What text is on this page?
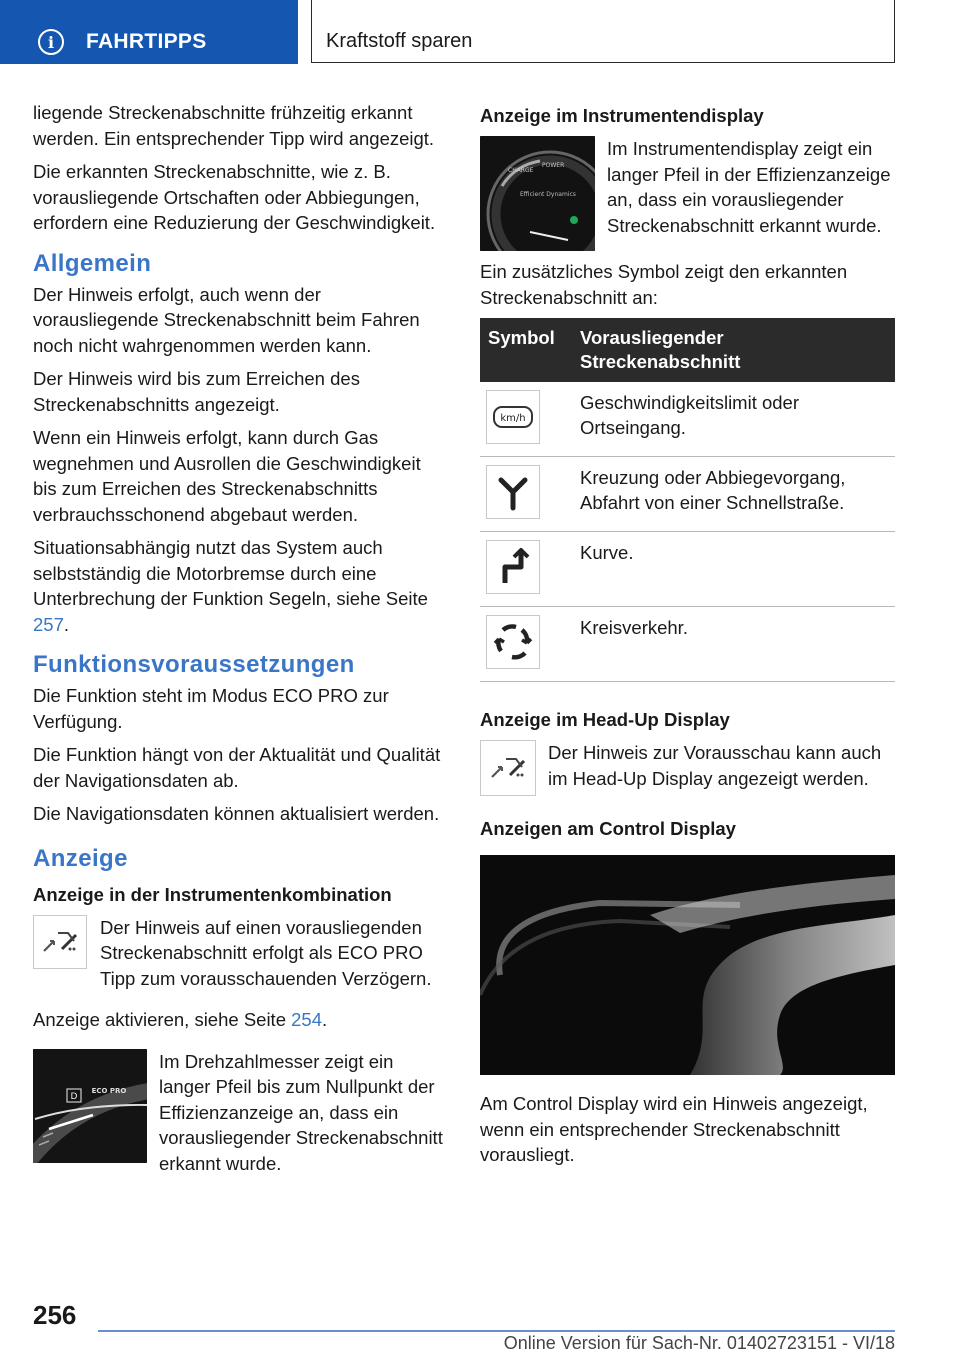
i	FAHRTIPPS	Kraftstoff sparen

liegende Streckenabschnitte frühzeitig erkannt werden. Ein entsprechender Tipp wird angezeigt.

Die erkannten Streckenabschnitte, wie z. B. vorausliegende Ortschaften oder Abbiegungen, erfordern eine Reduzierung der Geschwindigkeit.

Allgemein

Der Hinweis erfolgt, auch wenn der vorausliegende Streckenabschnitt beim Fahren noch nicht wahrgenommen werden kann.

Der Hinweis wird bis zum Erreichen des Streckenabschnitts angezeigt.

Wenn ein Hinweis erfolgt, kann durch Gas wegnehmen und Ausrollen die Geschwindigkeit bis zum Erreichen des Streckenabschnitts verbrauchsschonend abgebaut werden.

Situationsabhängig nutzt das System auch selbstständig die Motorbremse durch eine Unterbrechung der Funktion Segeln, siehe Seite 257.

Funktionsvoraussetzungen

Die Funktion steht im Modus ECO PRO zur Verfügung.

Die Funktion hängt von der Aktualität und Qualität der Navigationsdaten ab.

Die Navigationsdaten können aktualisiert werden.

Anzeige
Anzeige in der Instrumentenkombination

Der Hinweis auf einen vorausliegenden Streckenabschnitt erfolgt als ECO PRO Tipp zum vorausschauenden Verzögern.

Anzeige aktivieren, siehe Seite 254.

D
ECO PRO

Im Drehzahlmesser zeigt ein langer Pfeil bis zum Nullpunkt der Effizienzanzeige an, dass ein vorausliegender Streckenabschnitt erkannt wurde.

Anzeige im Instrumentendisplay
CHARGE
POWER
Efficient Dynamics

Im Instrumentendisplay zeigt ein langer Pfeil in der Effizienzanzeige an, dass ein vorausliegender Streckenabschnitt erkannt wurde.

Ein zusätzliches Symbol zeigt den erkannten Streckenabschnitt an:

Symbol	Vorausliegender Streckenabschnitt

km/h	Geschwindigkeitslimit oder Ortseingang.

	Kreuzung oder Abbiegevorgang, Abfahrt von einer Schnellstraße.

	Kurve.

	Kreisverkehr.
Anzeige im Head-Up Display

Der Hinweis zur Vorausschau kann auch im Head-Up Display angezeigt werden.

Anzeigen am Control Display

Am Control Display wird ein Hinweis angezeigt, wenn ein entsprechender Streckenabschnitt vorausliegt.

256
Online Version für Sach-Nr. 01402723151 - VI/18
